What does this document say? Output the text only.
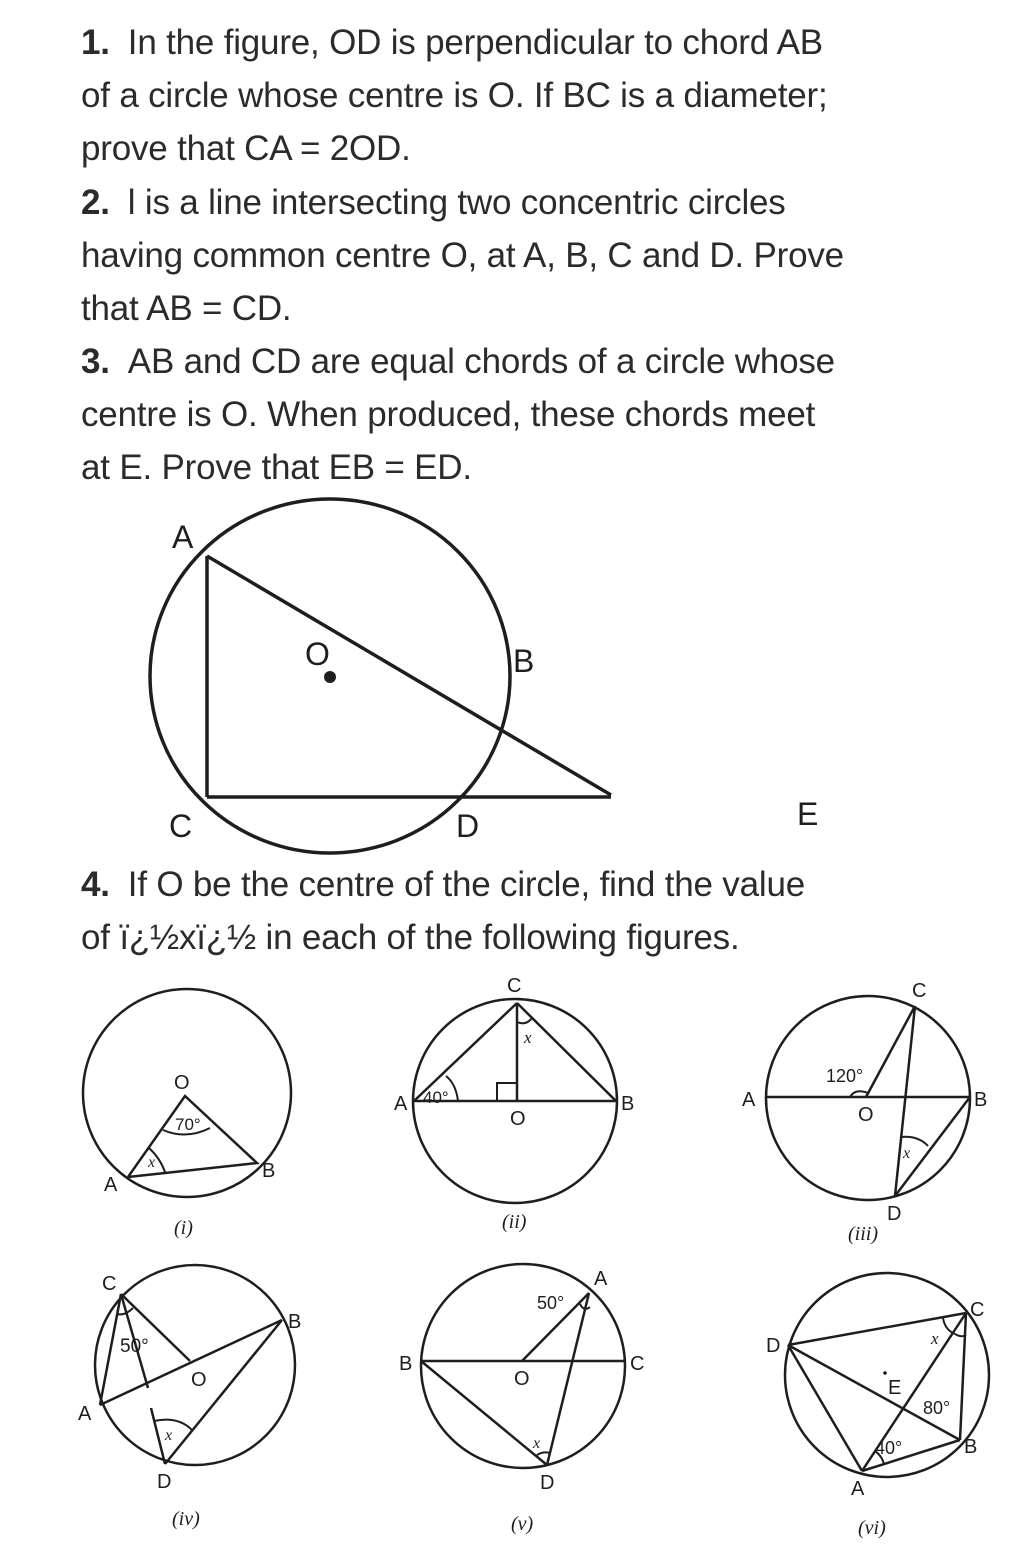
1. In the figure, OD is perpendicular to chord AB

of a circle whose centre is O. If BC is a diameter;

prove that CA = 2OD.

2. l is a line intersecting two concentric circles

having common centre O, at A, B, C and D. Prove

that AB = CD.

3. AB and CD are equal chords of a circle whose

centre is O. When produced, these chords meet

at E. Prove that EB = ED.

4. If O be the centre of the circle, find the value

of ï¿½xï¿½ in each of the following figures.

A
B
C	D	E
O
O
A
B
70°
x
(i)
C
A	B
O
40°
x
(ii)
C
A	B
O
D
120°
x
(iii)
C
B
A
O
D
50°
x
(iv)
A
B	C
O
D
50°
x
(v)
D
C
E
B
A
80°
40°
x
(vi)
